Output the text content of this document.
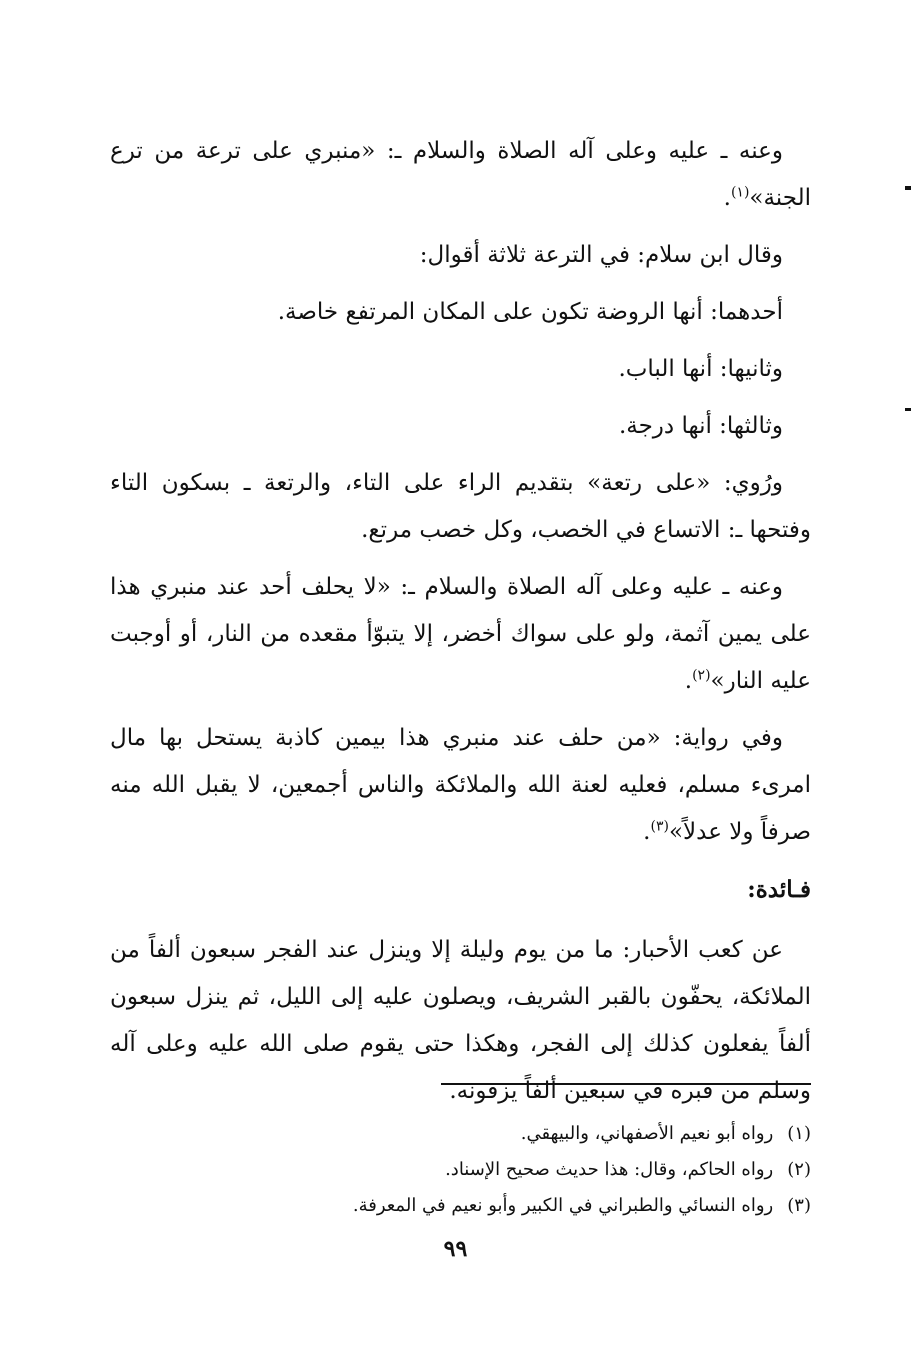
وعنه ـ عليه وعلى آله الصلاة والسلام ـ: «منبري على ترعة من ترع الجنة»$^{(١)}$.

وقال ابن سلام: في الترعة ثلاثة أقوال:

أحدهما: أنها الروضة تكون على المكان المرتفع خاصة.

وثانيها: أنها الباب.

وثالثها: أنها درجة.

ورُوي: «على رتعة» بتقديم الراء على التاء، والرتعة ـ بسكون التاء وفتحها ـ: الاتساع في الخصب، وكل خصب مرتع.

وعنه ـ عليه وعلى آله الصلاة والسلام ـ: «لا يحلف أحد عند منبري هذا على يمين آثمة، ولو على سواك أخضر، إلا يتبوّأ مقعده من النار، أو أوجبت عليه النار»$^{(٢)}$.

وفي رواية: «من حلف عند منبري هذا بيمين كاذبة يستحل بها مال امرىء مسلم، فعليه لعنة الله والملائكة والناس أجمعين، لا يقبل الله منه صرفاً ولا عدلاً»$^{(٣)}$.

فـائدة:

عن كعب الأحبار: ما من يوم وليلة إلا وينزل عند الفجر سبعون ألفاً من الملائكة، يحفّون بالقبر الشريف، ويصلون عليه إلى الليل، ثم ينزل سبعون ألفاً يفعلون كذلك إلى الفجر، وهكذا حتى يقوم صلى الله عليه وعلى آله وسلم من قبره في سبعين ألفاً يزفونه.

(١)رواه أبو نعيم الأصفهاني، والبيهقي.

(٢)رواه الحاكم، وقال: هذا حديث صحيح الإسناد.

(٣)رواه النسائي والطبراني في الكبير وأبو نعيم في المعرفة.

٩٩
